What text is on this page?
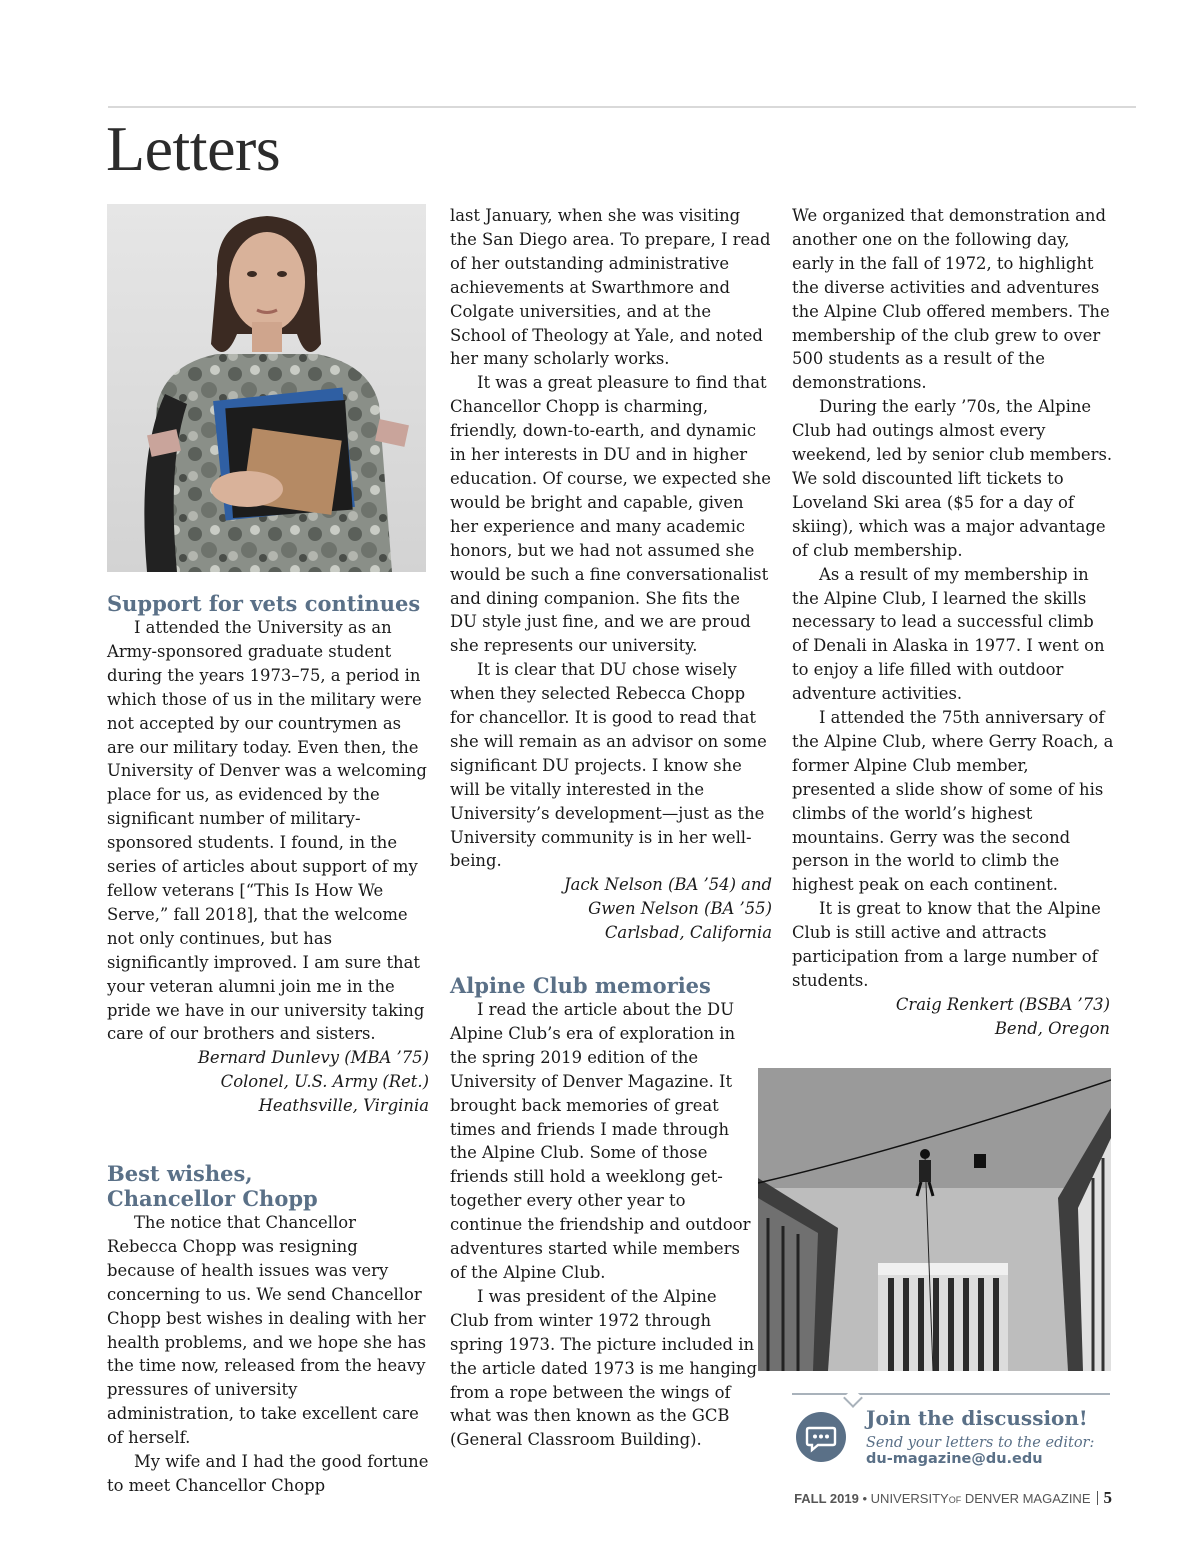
Letters
Support for vets continues

I attended the University as an Army-sponsored graduate student during the years 1973–75, a period in which those of us in the military were not accepted by our countrymen as are our military today. Even then, the University of Denver was a welcoming place for us, as evidenced by the significant number of military-sponsored students. I found, in the series of articles about support of my fellow veterans [“This Is How We Serve,” fall 2018], that the welcome not only continues, but has significantly improved. I am sure that your veteran alumni join me in the pride we have in our university taking care of our brothers and sisters.

Bernard Dunlevy (MBA ’75)
Colonel, U.S. Army (Ret.)
Heathsville, Virginia
Best wishes,
Chancellor Chopp

The notice that Chancellor Rebecca Chopp was resigning because of health issues was very concerning to us. We send Chancellor Chopp best wishes in dealing with her health problems, and we hope she has the time now, released from the heavy pressures of university administration, to take excellent care of herself.

My wife and I had the good fortune to meet Chancellor Chopp

last January, when she was visiting the San Diego area. To prepare, I read of her outstanding administrative achievements at Swarthmore and Colgate universities, and at the School of Theology at Yale, and noted her many scholarly works.

It was a great pleasure to find that Chancellor Chopp is charming, friendly, down-to-earth, and dynamic in her interests in DU and in higher education. Of course, we expected she would be bright and capable, given her experience and many academic honors, but we had not assumed she would be such a fine conversationalist and dining companion. She fits the DU style just fine, and we are proud she represents our university.

It is clear that DU chose wisely when they selected Rebecca Chopp for chancellor. It is good to read that she will remain as an advisor on some significant DU projects. I know she will be vitally interested in the University’s development—just as the University community is in her well-being.

Jack Nelson (BA ’54) and
Gwen Nelson (BA ’55)
Carlsbad, California
Alpine Club memories

I read the article about the DU Alpine Club’s era of exploration in the spring 2019 edition of the University of Denver Magazine. It brought back memories of great times and friends I made through the Alpine Club. Some of those friends still hold a weeklong get-together every other year to continue the friendship and outdoor adventures started while members of the Alpine Club.

I was president of the Alpine Club from winter 1972 through spring 1973. The picture included in the article dated 1973 is me hanging from a rope between the wings of what was then known as the GCB (General Classroom Building).

We organized that demonstration and another one on the following day, early in the fall of 1972, to highlight the diverse activities and adventures the Alpine Club offered members. The membership of the club grew to over 500 students as a result of the demonstrations.

During the early ’70s, the Alpine Club had outings almost every weekend, led by senior club members. We sold discounted lift tickets to Loveland Ski area ($5 for a day of skiing), which was a major advantage of club membership.

As a result of my membership in the Alpine Club, I learned the skills necessary to lead a successful climb of Denali in Alaska in 1977. I went on to enjoy a life filled with outdoor adventure activities.

I attended the 75th anniversary of the Alpine Club, where Gerry Roach, a former Alpine Club member, presented a slide show of some of his climbs of the world’s highest mountains. Gerry was the second person in the world to climb the highest peak on each continent.

It is great to know that the Alpine Club is still active and attracts participation from a large number of students.

Craig Renkert (BSBA ’73)
Bend, Oregon
Join the discussion!
Send your letters to the editor:
du-magazine@du.edu
FALL 2019 • UNIVERSITYOF DENVER MAGAZINE 5
